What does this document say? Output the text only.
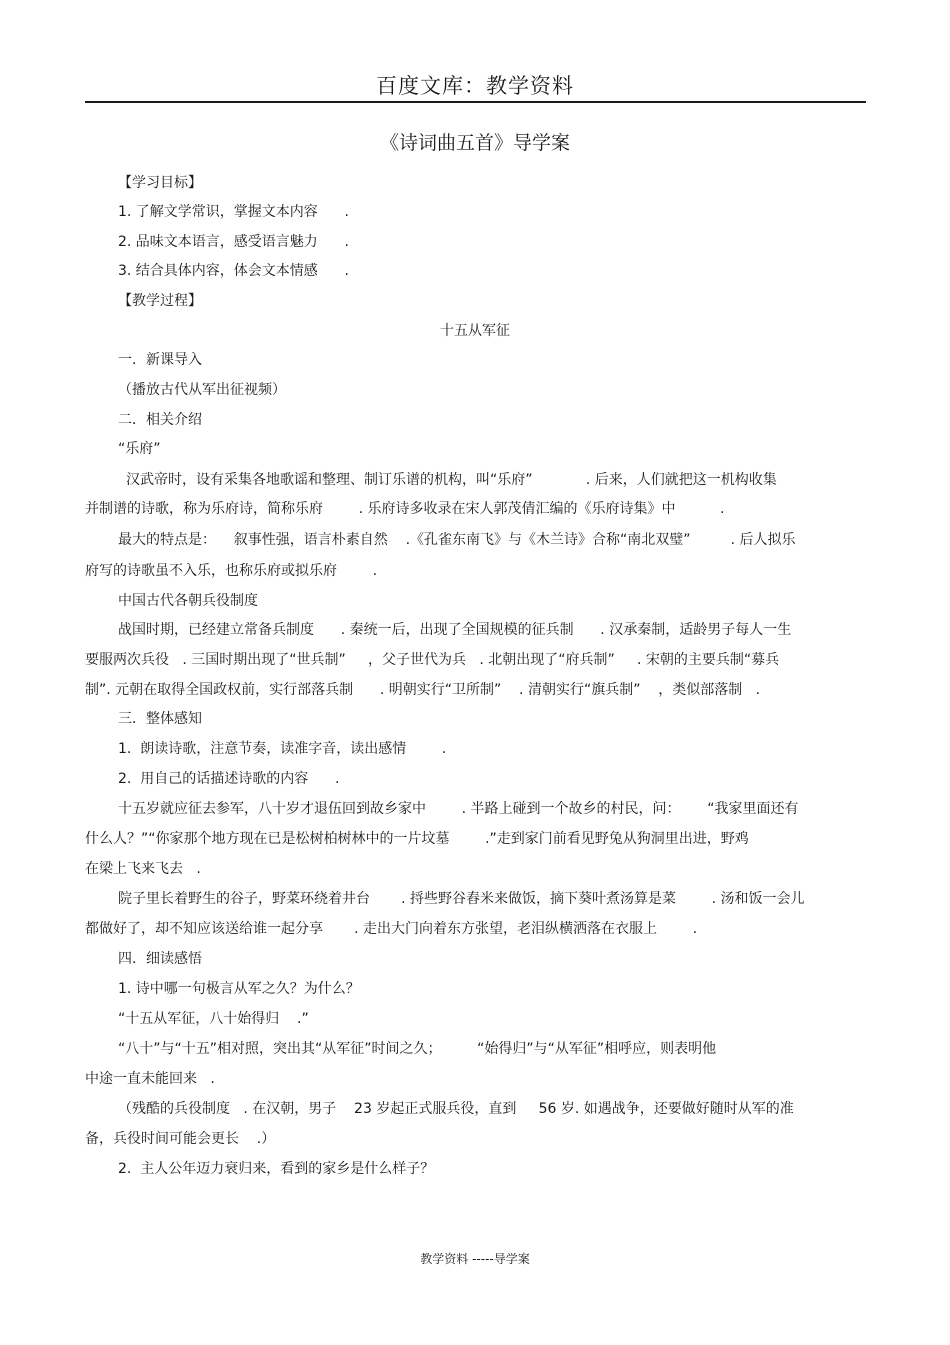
百度文库：教学资料
《诗词曲五首》导学案
【学习目标】
1. 了解文学常识，掌握文本内容      .
2. 品味文本语言，感受语言魅力      .
3. 结合具体内容，体会文本情感      .
【教学过程】
十五从军征
一．新课导入
（播放古代从军出征视频）
二．相关介绍
“乐府”
汉武帝时，设有采集各地歌谣和整理、制订乐谱的机构，叫“乐府”            . 后来，人们就把这一机构收集
并制谱的诗歌，称为乐府诗，简称乐府        . 乐府诗多收录在宋人郭茂倩汇编的《乐府诗集》中          .
最大的特点是：    叙事性强，语言朴素自然    .《孔雀东南飞》与《木兰诗》合称“南北双璧”         . 后人拟乐
府写的诗歌虽不入乐，也称乐府或拟乐府        .
中国古代各朝兵役制度
战国时期，已经建立常备兵制度      . 秦统一后，出现了全国规模的征兵制      . 汉承秦制，适龄男子每人一生
要服两次兵役   . 三国时期出现了“世兵制”     ，父子世代为兵   . 北朝出现了“府兵制”     . 宋朝的主要兵制“募兵
制”. 元朝在取得全国政权前，实行部落兵制      . 明朝实行“卫所制”    . 清朝实行“旗兵制”    ，类似部落制   .
三．整体感知
1.  朗读诗歌，注意节奏，读准字音，读出感情        .
2.  用自己的话描述诗歌的内容      .
十五岁就应征去参军，八十岁才退伍回到故乡家中        . 半路上碰到一个故乡的村民，问：      “我家里面还有
什么人？”“你家那个地方现在已是松树柏树林中的一片坟墓        .”走到家门前看见野兔从狗洞里出进，野鸡
在梁上飞来飞去   .
院子里长着野生的谷子，野菜环绕着井台       . 捋些野谷舂米来做饭，摘下葵叶煮汤算是菜        . 汤和饭一会儿
都做好了，却不知应该送给谁一起分享       . 走出大门向着东方张望，老泪纵横洒落在衣服上        .
四．细读感悟
1. 诗中哪一句极言从军之久？为什么？
“十五从军征，八十始得归    .”
“八十”与“十五”相对照，突出其“从军征”时间之久；        “始得归”与“从军征”相呼应，则表明他
中途一直未能回来   .
（残酷的兵役制度   . 在汉朝，男子    23 岁起正式服兵役，直到     56 岁. 如遇战争，还要做好随时从军的准
备，兵役时间可能会更长    .）
2.  主人公年迈力衰归来，看到的家乡是什么样子？
教学资料 -----导学案
